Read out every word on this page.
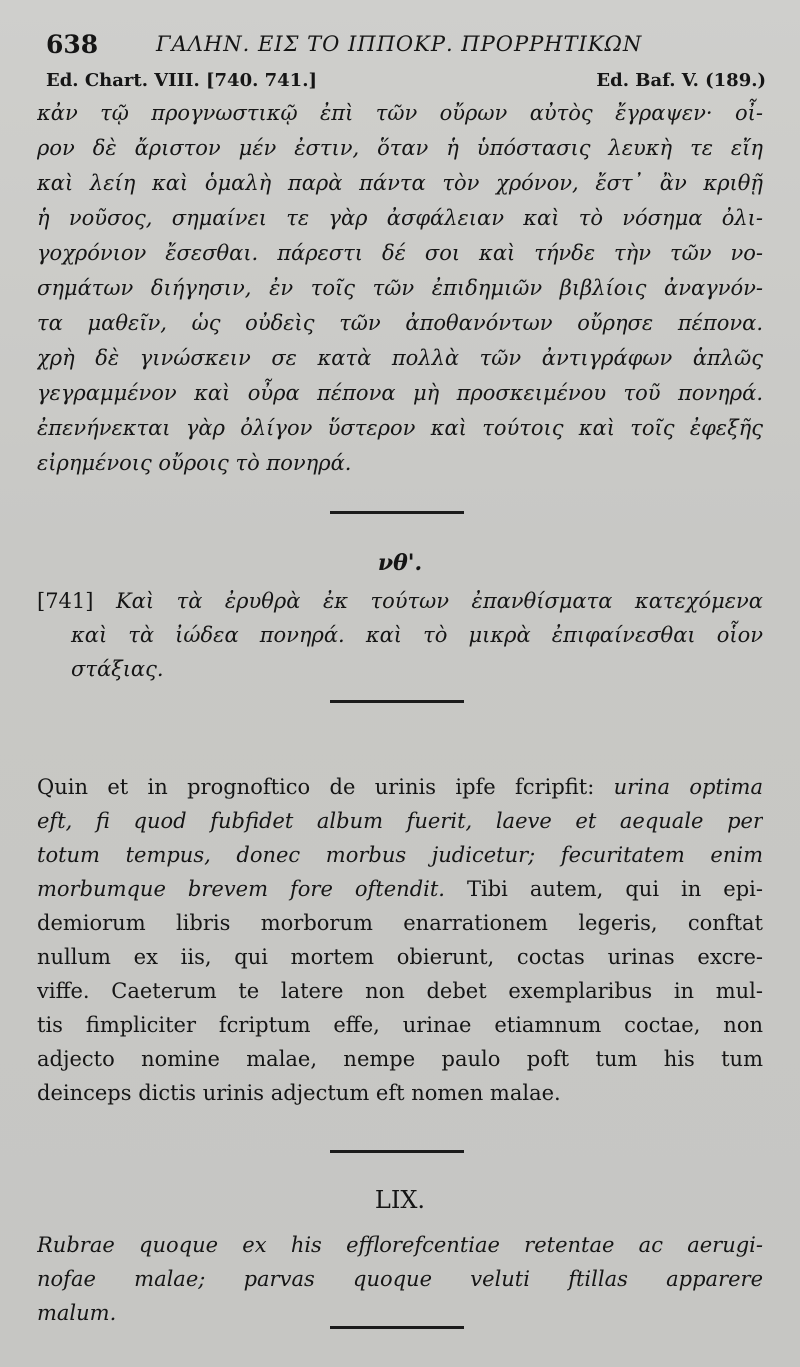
638	ΓΑΛΗΝ. ΕΙΣ ΤΟ ΙΠΠΟΚΡ. ΠΡΟΡΡΗΤΙΚΩΝ
Ed. Chart. VIII. [740. 741.]	Ed. Baf. V. (189.)
κἀν τῷ προγνωστικῷ ἐπὶ τῶν οὔρων αὐτὸς ἔγραψεν· οἶ-
ρον δὲ ἄριστον μέν ἐστιν, ὅταν ἡ ὑπόστασις λευκὴ τε εἴη
καὶ λείη καὶ ὁμαλὴ παρὰ πάντα τὸν χρόνον, ἔστ᾽ ἂν κριθῇ
ἡ νοῦσος, σημαίνει τε γὰρ ἀσφάλειαν καὶ τὸ νόσημα ὀλι-
γοχρόνιον ἔσεσθαι. πάρεστι δέ σοι καὶ τήνδε τὴν τῶν νο-
σημάτων διήγησιν, ἐν τοῖς τῶν ἐπιδημιῶν βιβλίοις ἀναγνόν-
τα μαθεῖν, ὡς οὐδεὶς τῶν ἀποθανόντων οὔρησε πέπονα.
χρὴ δὲ γινώσκειν σε κατὰ πολλὰ τῶν ἀντιγράφων ἁπλῶς
γεγραμμένον καὶ οὖρα πέπονα μὴ προσκειμένου τοῦ πονηρά.
ἐπενήνεκται γὰρ ὀλίγον ὕστερον καὶ τούτοις καὶ τοῖς ἐφεξῆς
εἰρημένοις οὔροις τὸ πονηρά.
νθ'.
[741] Καὶ τὰ ἐρυθρὰ ἐκ τούτων ἐπανθίσματα κατεχόμενα
καὶ τὰ ἰώδεα πονηρά. καὶ τὸ μικρὰ ἐπιφαίνεσθαι οἷον
στάξιας.
Quin et in prognoftico de urinis ipfe fcripfit: urina optima
eft, fi quod fubfidet album fuerit, laeve et aequale per
totum tempus, donec morbus judicetur; fecuritatem enim
morbumque brevem fore oftendit. Tibi autem, qui in epi-
demiorum libris morborum enarrationem legeris, conftat
nullum ex iis, qui mortem obierunt, coctas urinas excre-
viffe. Caeterum te latere non debet exemplaribus in mul-
tis fimpliciter fcriptum effe, urinae etiamnum coctae, non
adjecto nomine malae, nempe paulo poft tum his tum
deinceps dictis urinis adjectum eft nomen malae.
LIX.
Rubrae quoque ex his efflorefcentiae retentae ac aerugi-
nofae malae; parvas quoque veluti ftillas apparere
malum.
